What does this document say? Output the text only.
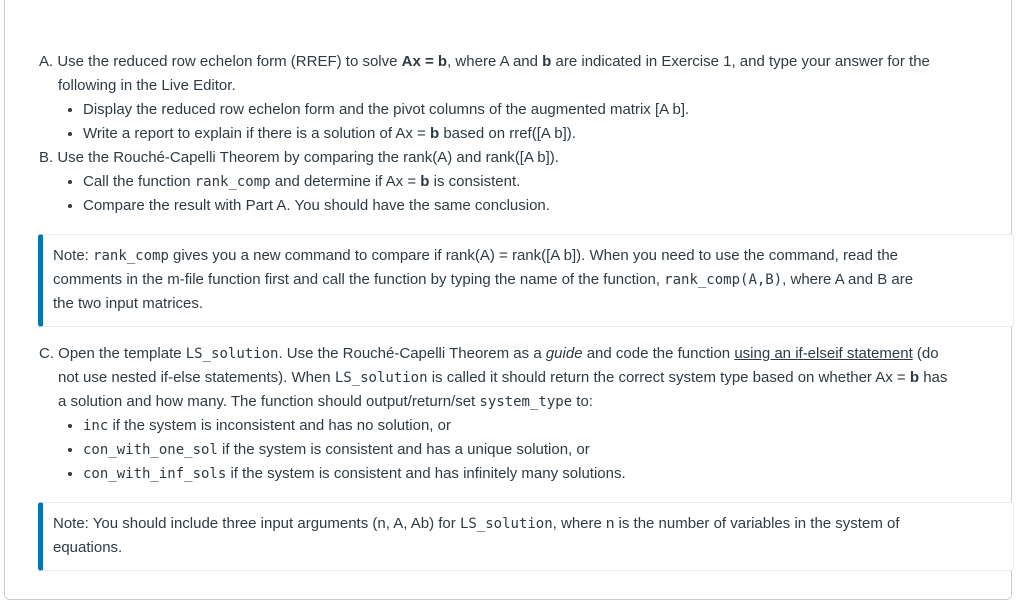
A. Use the reduced row echelon form (RREF) to solve Ax = b, where A and b are indicated in Exercise 1, and type your answer for the
following in the Live Editor.
Display the reduced row echelon form and the pivot columns of the augmented matrix [A b].
Write a report to explain if there is a solution of Ax = b based on rref([A b]).
B. Use the Rouché-Capelli Theorem by comparing the rank(A) and rank([A b]).
Call the function rank_comp and determine if Ax = b is consistent.
Compare the result with Part A. You should have the same conclusion.
Note: rank_comp gives you a new command to compare if rank(A) = rank([A b]). When you need to use the command, read the
comments in the m-file function first and call the function by typing the name of the function, rank_comp(A,B), where A and B are
the two input matrices.
C. Open the template LS_solution. Use the Rouché-Capelli Theorem as a guide and code the function using an if-elseif statement (do
not use nested if-else statements). When LS_solution is called it should return the correct system type based on whether Ax = b has
a solution and how many. The function should output/return/set system_type to:
inc if the system is inconsistent and has no solution, or
con_with_one_sol if the system is consistent and has a unique solution, or
con_with_inf_sols if the system is consistent and has infinitely many solutions.
Note: You should include three input arguments (n, A, Ab) for LS_solution, where n is the number of variables in the system of
equations.
